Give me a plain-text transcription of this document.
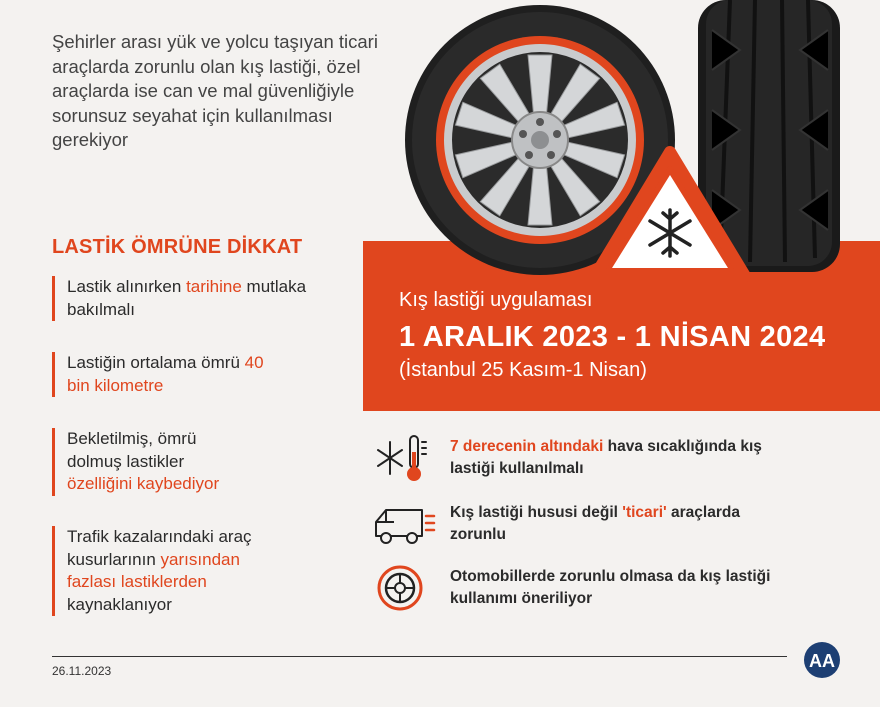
Şehirler arası yük ve yolcu taşıyan ticari araçlarda zorunlu olan kış lastiği, özel araçlarda ise can ve mal güvenliğiyle sorunsuz seyahat için kullanılması gerekiyor
LASTİK ÖMRÜNE DİKKAT
Lastik alınırken tarihine mutlaka bakılmalı
Lastiğin ortalama ömrü 40 bin kilometre
Bekletilmiş, ömrü dolmuş lastikler özelliğini kaybediyor
Trafik kazalarındaki araç kusurlarının yarısından fazlası lastiklerden kaynaklanıyor
Kış lastiği uygulaması
1 ARALIK 2023 - 1 NİSAN 2024
(İstanbul 25 Kasım-1 Nisan)
7 derecenin altındaki hava sıcaklığında kış lastiği kullanılmalı
Kış lastiği hususi değil 'ticari' araçlarda zorunlu
Otomobillerde zorunlu olmasa da kış lastiği kullanımı öneriliyor
26.11.2023	AA
